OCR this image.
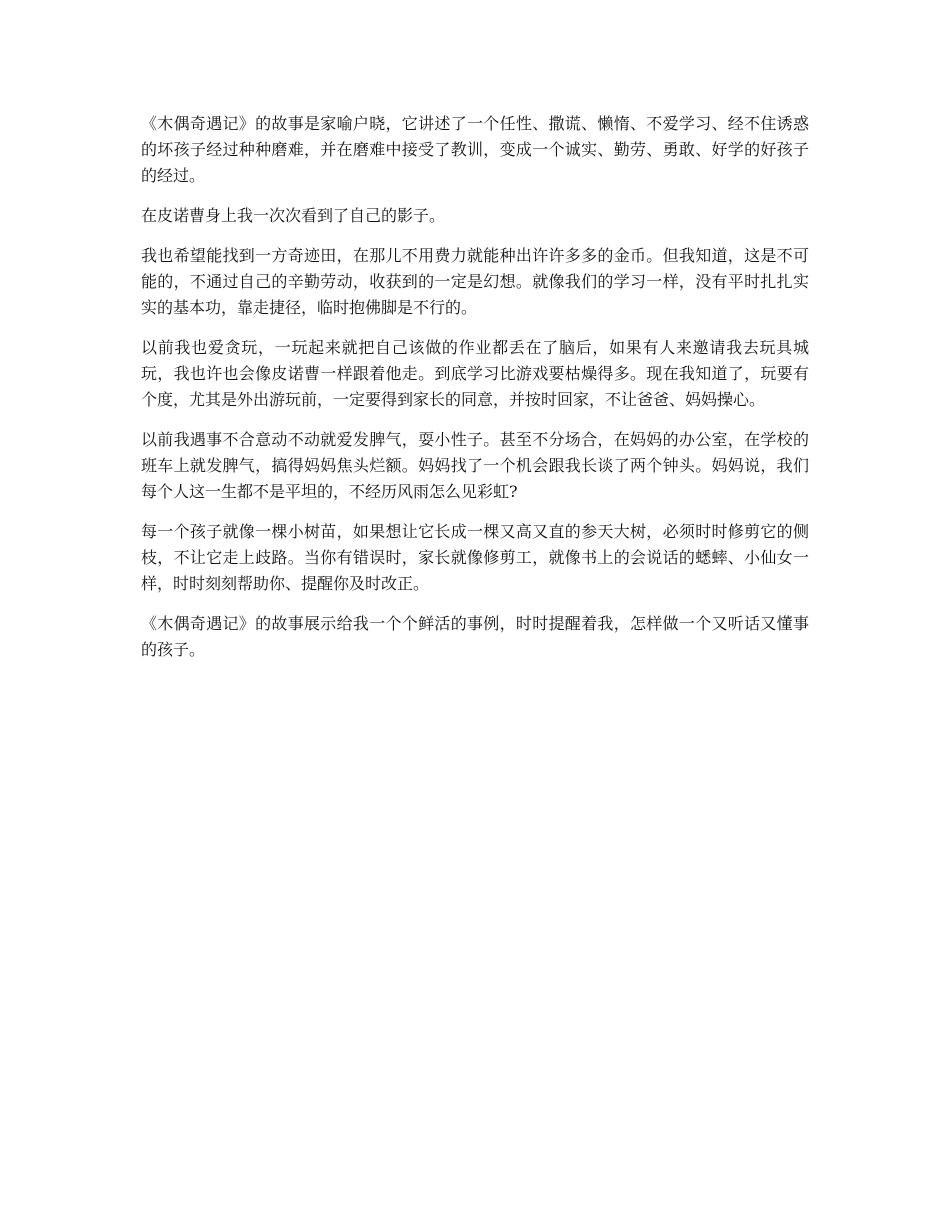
《木偶奇遇记》的故事是家喻户晓，它讲述了一个任性、撒谎、懒惰、不爱学习、经不住诱惑的坏孩子经过种种磨难，并在磨难中接受了教训，变成一个诚实、勤劳、勇敢、好学的好孩子的经过。

在皮诺曹身上我一次次看到了自己的影子。

我也希望能找到一方奇迹田，在那儿不用费力就能种出许许多多的金币。但我知道，这是不可能的，不通过自己的辛勤劳动，收获到的一定是幻想。就像我们的学习一样，没有平时扎扎实实的基本功，靠走捷径，临时抱佛脚是不行的。

以前我也爱贪玩，一玩起来就把自己该做的作业都丢在了脑后，如果有人来邀请我去玩具城玩，我也许也会像皮诺曹一样跟着他走。到底学习比游戏要枯燥得多。现在我知道了，玩要有个度，尤其是外出游玩前，一定要得到家长的同意，并按时回家，不让爸爸、妈妈操心。

以前我遇事不合意动不动就爱发脾气，耍小性子。甚至不分场合，在妈妈的办公室，在学校的班车上就发脾气，搞得妈妈焦头烂额。妈妈找了一个机会跟我长谈了两个钟头。妈妈说，我们每个人这一生都不是平坦的，不经历风雨怎么见彩虹?

每一个孩子就像一棵小树苗，如果想让它长成一棵又高又直的参天大树，必须时时修剪它的侧枝，不让它走上歧路。当你有错误时，家长就像修剪工，就像书上的会说话的蟋蟀、小仙女一样，时时刻刻帮助你、提醒你及时改正。

《木偶奇遇记》的故事展示给我一个个鲜活的事例，时时提醒着我，怎样做一个又听话又懂事的孩子。
